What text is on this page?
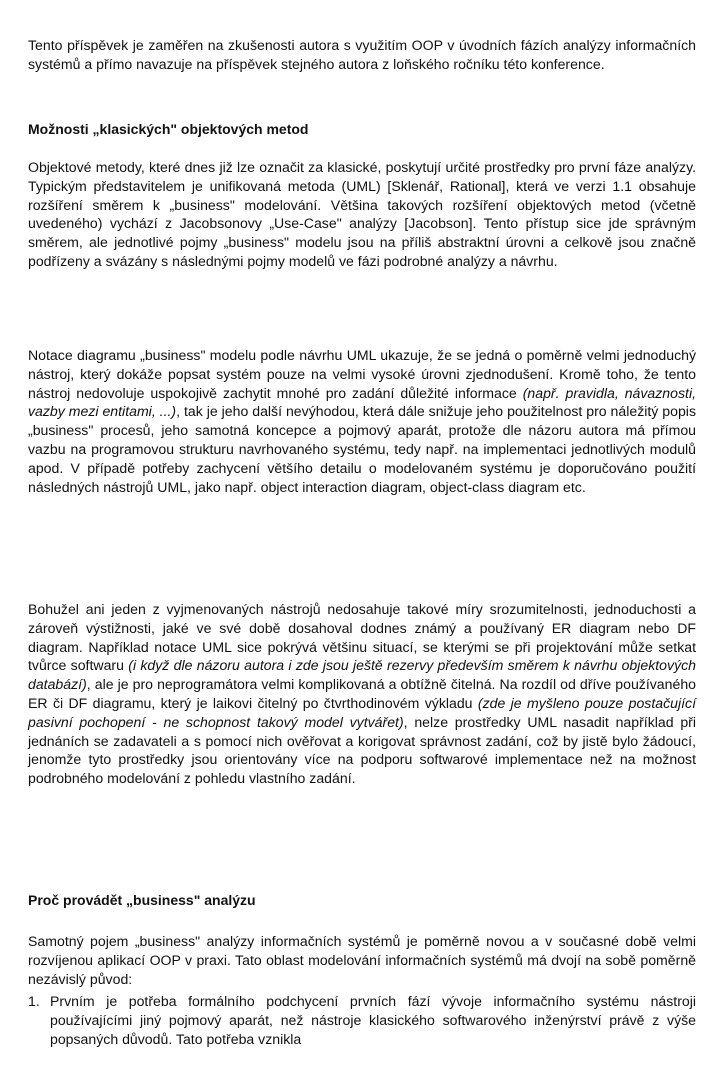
Tento příspěvek je zaměřen na zkušenosti autora s využitím OOP v úvodních fázích analýzy informačních systémů a přímo navazuje na příspěvek stejného autora z loňského ročníku této konference.

Možnosti „klasických" objektových metod

Objektové metody, které dnes již lze označit za klasické, poskytují určité prostředky pro první fáze analýzy. Typickým představitelem je unifikovaná metoda (UML) [Sklenář, Rational], která ve verzi 1.1 obsahuje rozšíření směrem k „business" modelování. Většina takových rozšíření objektových metod (včetně uvedeného) vychází z Jacobsonovy „Use-Case" analýzy [Jacobson]. Tento přístup sice jde správným směrem, ale jednotlivé pojmy „business" modelu jsou na příliš abstraktní úrovni a celkově jsou značně podřízeny a svázány s následnými pojmy modelů ve fázi podrobné analýzy a návrhu.

Notace diagramu „business" modelu podle návrhu UML ukazuje, že se jedná o poměrně velmi jednoduchý nástroj, který dokáže popsat systém pouze na velmi vysoké úrovni zjednodušení. Kromě toho, že tento nástroj nedovoluje uspokojivě zachytit mnohé pro zadání důležité informace (např. pravidla, návaznosti, vazby mezi entitami, ...), tak je jeho další nevýhodou, která dále snižuje jeho použitelnost pro náležitý popis „business" procesů, jeho samotná koncepce a pojmový aparát, protože dle názoru autora má přímou vazbu na programovou strukturu navrhovaného systému, tedy např. na implementaci jednotlivých modulů apod. V případě potřeby zachycení většího detailu o modelovaném systému je doporučováno použití následných nástrojů UML, jako např. object interaction diagram, object-class diagram etc.

Bohužel ani jeden z vyjmenovaných nástrojů nedosahuje takové míry srozumitelnosti, jednoduchosti a zároveň výstižnosti, jaké ve své době dosahoval dodnes známý a používaný ER diagram nebo DF diagram. Například notace UML sice pokrývá většinu situací, se kterými se při projektování může setkat tvůrce softwaru (i když dle názoru autora i zde jsou ještě rezervy především směrem k návrhu objektových databází), ale je pro neprogramátora velmi komplikovaná a obtížně čitelná. Na rozdíl od dříve používaného ER či DF diagramu, který je laikovi čitelný po čtvrthodinovém výkladu (zde je myšleno pouze postačující pasivní pochopení - ne schopnost takový model vytvářet), nelze prostředky UML nasadit například při jednáních se zadavateli a s pomocí nich ověřovat a korigovat správnost zadání, což by jistě bylo žádoucí, jenomže tyto prostředky jsou orientovány více na podporu softwarové implementace než na možnost podrobného modelování z pohledu vlastního zadání.

Proč provádět „business" analýzu

Samotný pojem „business" analýzy informačních systémů je poměrně novou a v současné době velmi rozvíjenou aplikací OOP v praxi. Tato oblast modelování informačních systémů má dvojí na sobě poměrně nezávislý původ:

1. Prvním je potřeba formálního podchycení prvních fází vývoje informačního systému nástroji používajícími jiný pojmový aparát, než nástroje klasického softwarového inženýrství právě z výše popsaných důvodů. Tato potřeba vznikla
